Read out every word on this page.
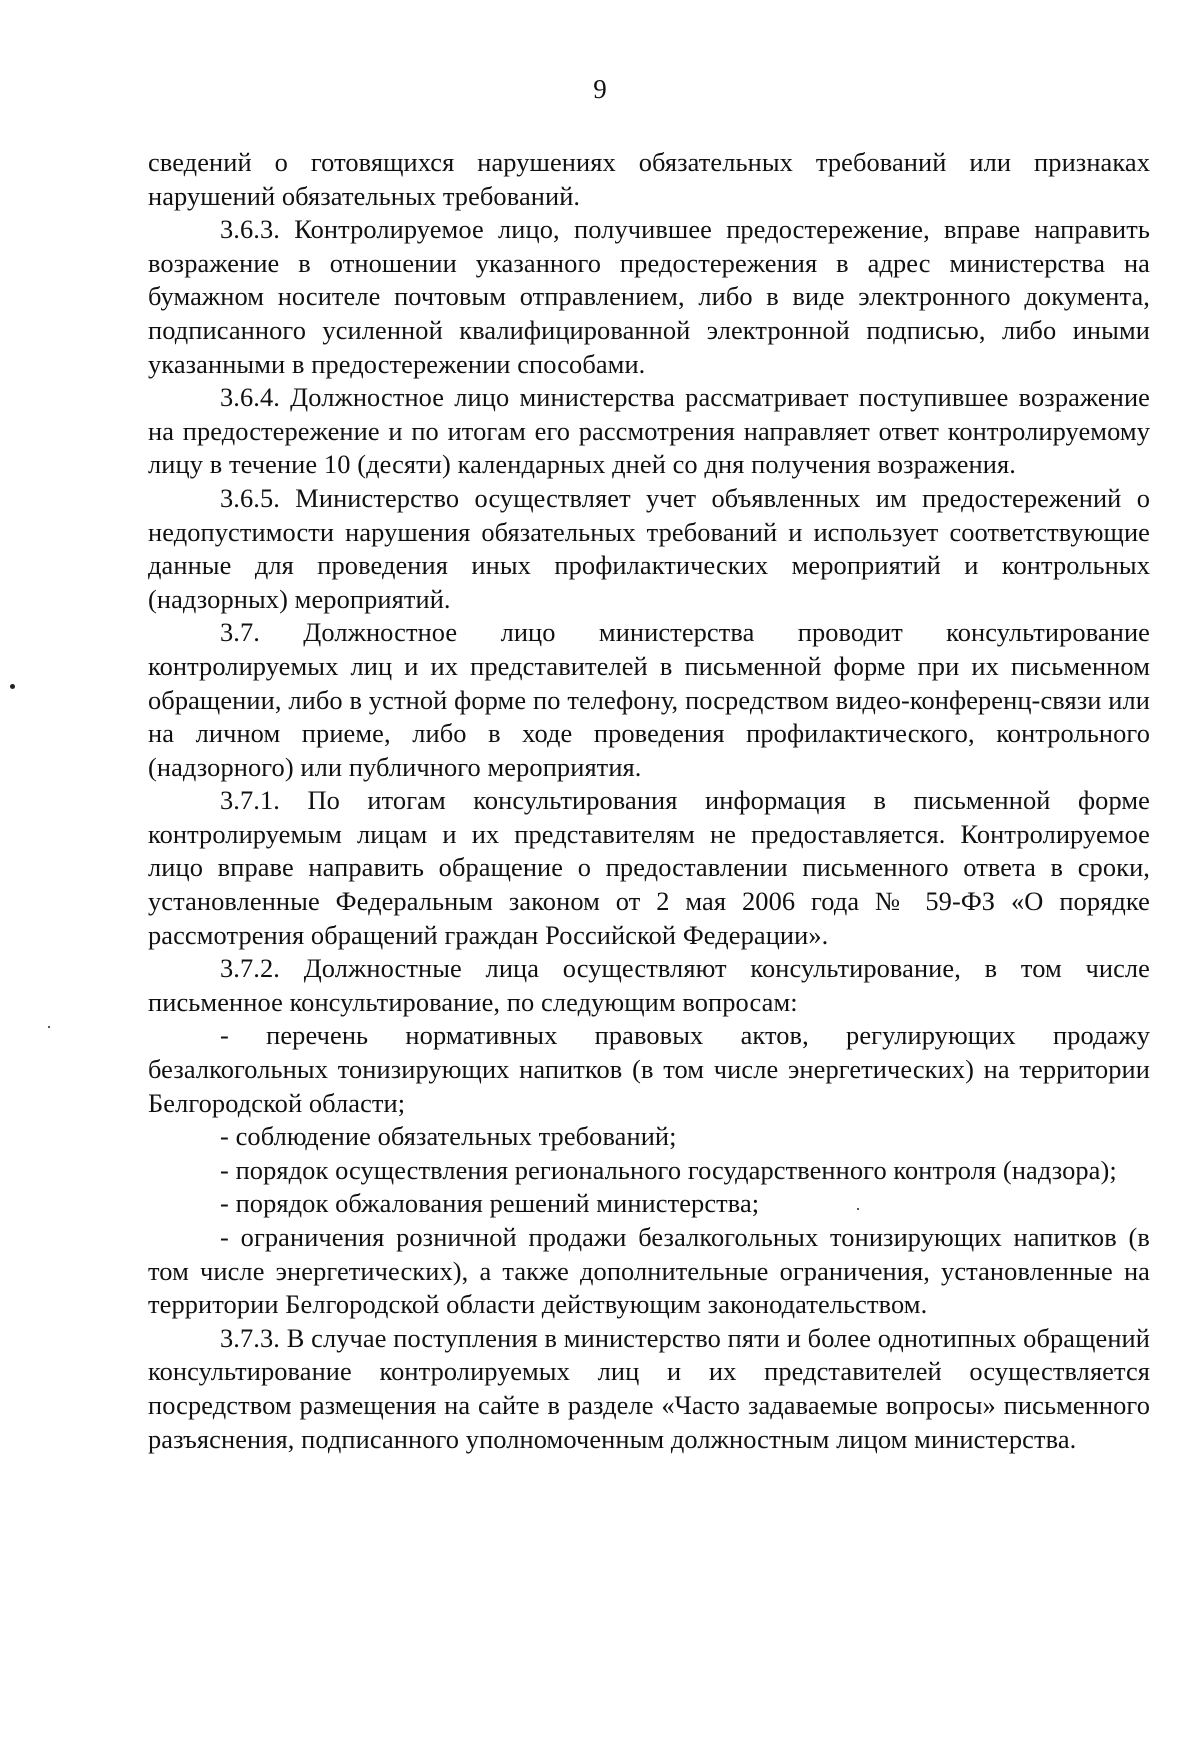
9

сведений о готовящихся нарушениях обязательных требований или признаках нарушений обязательных требований.

3.6.3. Контролируемое лицо, получившее предостережение, вправе направить возражение в отношении указанного предостережения в адрес министерства на бумажном носителе почтовым отправлением, либо в виде электронного документа, подписанного усиленной квалифицированной электронной подписью, либо иными указанными в предостережении способами.

3.6.4. Должностное лицо министерства рассматривает поступившее возражение на предостережение и по итогам его рассмотрения направляет ответ контролируемому лицу в течение 10 (десяти) календарных дней со дня получения возражения.

3.6.5. Министерство осуществляет учет объявленных им предостережений о недопустимости нарушения обязательных требований и использует соответствующие данные для проведения иных профилактических мероприятий и контрольных (надзорных) мероприятий.

3.7. Должностное лицо министерства проводит консультирование контролируемых лиц и их представителей в письменной форме при их письменном обращении, либо в устной форме по телефону, посредством видео-конференц-связи или на личном приеме, либо в ходе проведения профилактического, контрольного (надзорного) или публичного мероприятия.

3.7.1. По итогам консультирования информация в письменной форме контролируемым лицам и их представителям не предоставляется. Контролируемое лицо вправе направить обращение о предоставлении письменного ответа в сроки, установленные Федеральным законом от 2 мая 2006 года № 59-ФЗ «О порядке рассмотрения обращений граждан Российской Федерации».

3.7.2. Должностные лица осуществляют консультирование, в том числе письменное консультирование, по следующим вопросам:

- перечень нормативных правовых актов, регулирующих продажу безалкогольных тонизирующих напитков (в том числе энергетических) на территории Белгородской области;

- соблюдение обязательных требований;

- порядок осуществления регионального государственного контроля (надзора);

- порядок обжалования решений министерства;

- ограничения розничной продажи безалкогольных тонизирующих напитков (в том числе энергетических), а также дополнительные ограничения, установленные на территории Белгородской области действующим законодательством.

3.7.3. В случае поступления в министерство пяти и более однотипных обращений консультирование контролируемых лиц и их представителей осуществляется посредством размещения на сайте в разделе «Часто задаваемые вопросы» письменного разъяснения, подписанного уполномоченным должностным лицом министерства.
